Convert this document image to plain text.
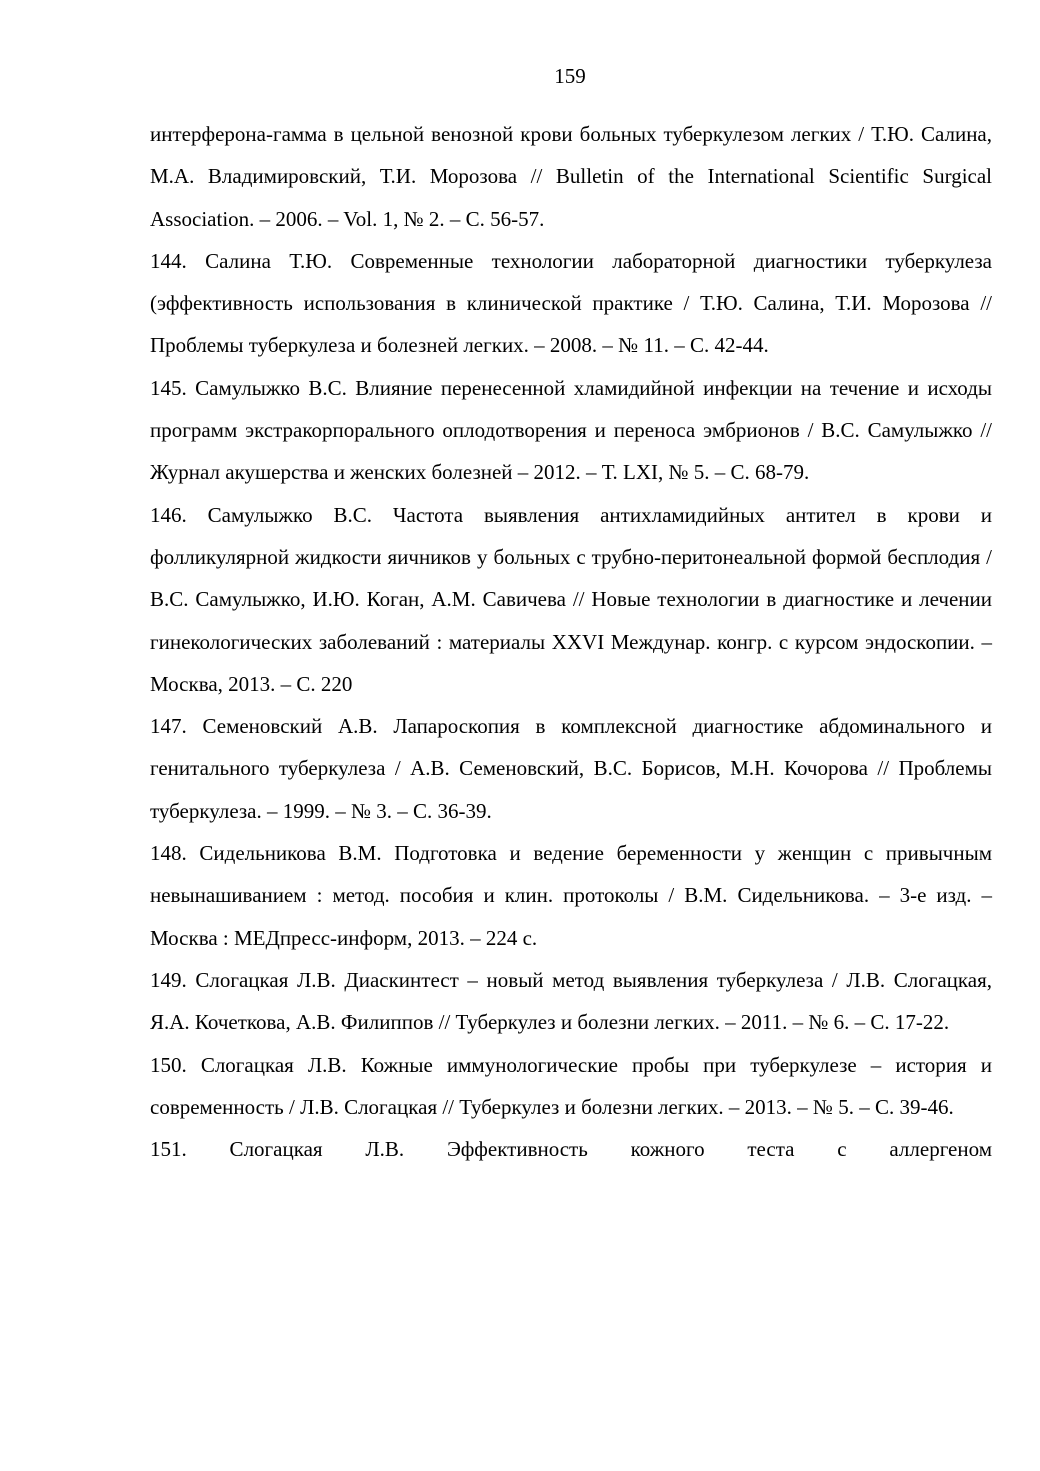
159

интерферона-гамма в цельной венозной крови больных туберкулезом легких / Т.Ю. Салина, М.А. Владимировский, Т.И. Морозова // Bulletin of the International Scientific Surgical Association. – 2006. – Vol. 1, № 2. – С. 56-57.

144. Салина Т.Ю. Современные технологии лабораторной диагностики туберкулеза (эффективность использования в клинической практике / Т.Ю. Салина, Т.И. Морозова // Проблемы туберкулеза и болезней легких. – 2008. – № 11. – С. 42-44.

145. Самулыжко В.С. Влияние перенесенной хламидийной инфекции на течение и исходы программ экстракорпорального оплодотворения и переноса эмбрионов / В.С. Самулыжко // Журнал акушерства и женских болезней – 2012. – Т. LXI, № 5. – С. 68-79.

146. Самулыжко В.С. Частота выявления антихламидийных антител в крови и фолликулярной жидкости яичников у больных с трубно-перитонеальной формой бесплодия / В.С. Самулыжко, И.Ю. Коган, А.М. Савичева // Новые технологии в диагностике и лечении гинекологических заболеваний : материалы XXVI Междунар. конгр. с курсом эндоскопии. – Москва, 2013. – С. 220

147. Семеновский А.В. Лапароскопия в комплексной диагностике абдоминального и генитального туберкулеза / А.В. Семеновский, В.С. Борисов, М.Н. Кочорова // Проблемы туберкулеза. – 1999. – № 3. – С. 36-39.

148. Сидельникова В.М. Подготовка и ведение беременности у женщин с привычным невынашиванием : метод. пособия и клин. протоколы / В.М. Сидельникова. – 3-е изд. – Москва : МЕДпресс-информ, 2013. – 224 с.

149. Слогацкая Л.В. Диаскинтест – новый метод выявления туберкулеза / Л.В. Слогацкая, Я.А. Кочеткова, А.В. Филиппов // Туберкулез и болезни легких. – 2011. – № 6. – С. 17-22.

150. Слогацкая Л.В. Кожные иммунологические пробы при туберкулезе – история и современность / Л.В. Слогацкая // Туберкулез и болезни легких. – 2013. – № 5. – С. 39-46.

151. Слогацкая Л.В. Эффективность кожного теста с аллергеном
